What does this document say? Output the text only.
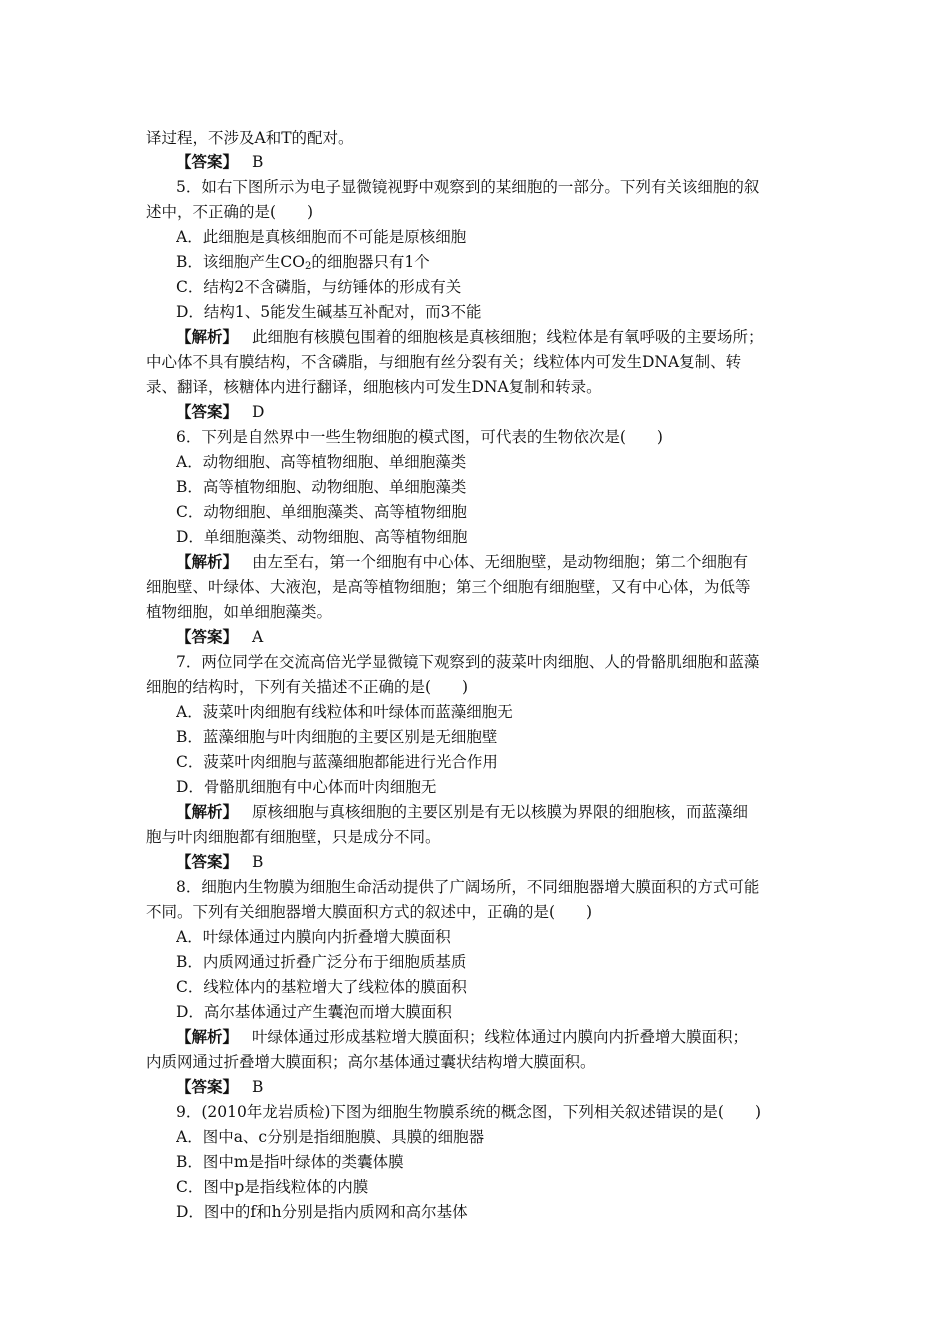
译过程，不涉及A和T的配对。
【答案】 B
5．如右下图所示为电子显微镜视野中观察到的某细胞的一部分。下列有关该细胞的叙
述中，不正确的是(　　)
A．此细胞是真核细胞而不可能是原核细胞
B．该细胞产生$CO_2$的细胞器只有1个
C．结构2不含磷脂，与纺锤体的形成有关
D．结构1、5能发生碱基互补配对，而3不能
【解析】 此细胞有核膜包围着的细胞核是真核细胞；线粒体是有氧呼吸的主要场所；
中心体不具有膜结构，不含磷脂，与细胞有丝分裂有关；线粒体内可发生DNA复制、转
录、翻译，核糖体内进行翻译，细胞核内可发生DNA复制和转录。
【答案】 D
6．下列是自然界中一些生物细胞的模式图，可代表的生物依次是(　　)
A．动物细胞、高等植物细胞、单细胞藻类
B．高等植物细胞、动物细胞、单细胞藻类
C．动物细胞、单细胞藻类、高等植物细胞
D．单细胞藻类、动物细胞、高等植物细胞
【解析】 由左至右，第一个细胞有中心体、无细胞壁，是动物细胞；第二个细胞有
细胞壁、叶绿体、大液泡，是高等植物细胞；第三个细胞有细胞壁，又有中心体，为低等
植物细胞，如单细胞藻类。
【答案】 A
7．两位同学在交流高倍光学显微镜下观察到的菠菜叶肉细胞、人的骨骼肌细胞和蓝藻
细胞的结构时，下列有关描述不正确的是(　　)
A．菠菜叶肉细胞有线粒体和叶绿体而蓝藻细胞无
B．蓝藻细胞与叶肉细胞的主要区别是无细胞壁
C．菠菜叶肉细胞与蓝藻细胞都能进行光合作用
D．骨骼肌细胞有中心体而叶肉细胞无
【解析】 原核细胞与真核细胞的主要区别是有无以核膜为界限的细胞核，而蓝藻细
胞与叶肉细胞都有细胞壁，只是成分不同。
【答案】 B
8．细胞内生物膜为细胞生命活动提供了广阔场所，不同细胞器增大膜面积的方式可能
不同。下列有关细胞器增大膜面积方式的叙述中，正确的是(　　)
A．叶绿体通过内膜向内折叠增大膜面积
B．内质网通过折叠广泛分布于细胞质基质
C．线粒体内的基粒增大了线粒体的膜面积
D．高尔基体通过产生囊泡而增大膜面积
【解析】 叶绿体通过形成基粒增大膜面积；线粒体通过内膜向内折叠增大膜面积；
内质网通过折叠增大膜面积；高尔基体通过囊状结构增大膜面积。
【答案】 B
9．(2010年龙岩质检)下图为细胞生物膜系统的概念图，下列相关叙述错误的是(　　)
A．图中a、c分别是指细胞膜、具膜的细胞器
B．图中m是指叶绿体的类囊体膜
C．图中p是指线粒体的内膜
D．图中的f和h分别是指内质网和高尔基体
